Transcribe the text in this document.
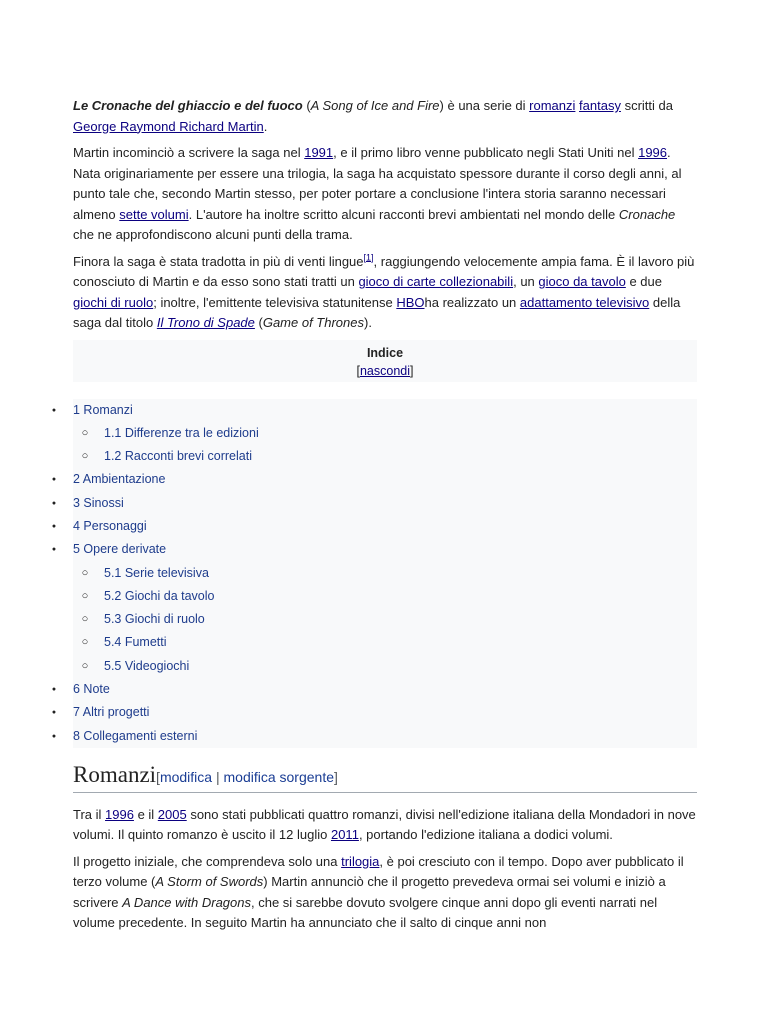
Le Cronache del ghiaccio e del fuoco (A Song of Ice and Fire) è una serie di romanzi fantasy scritti da George Raymond Richard Martin.

Martin incominciò a scrivere la saga nel 1991, e il primo libro venne pubblicato negli Stati Uniti nel 1996. Nata originariamente per essere una trilogia, la saga ha acquistato spessore durante il corso degli anni, al punto tale che, secondo Martin stesso, per poter portare a conclusione l'intera storia saranno necessari almeno sette volumi. L'autore ha inoltre scritto alcuni racconti brevi ambientati nel mondo delle Cronache che ne approfondiscono alcuni punti della trama.

Finora la saga è stata tradotta in più di venti lingue[1], raggiungendo velocemente ampia fama. È il lavoro più conosciuto di Martin e da esso sono stati tratti un gioco di carte collezionabili, un gioco da tavolo e due giochi di ruolo; inoltre, l'emittente televisiva statunitense HBOha realizzato un adattamento televisivo della saga dal titolo Il Trono di Spade (Game of Thrones).

Indice
[nascondi]
● 1 Romanzi
○ 1.1 Differenze tra le edizioni
○ 1.2 Racconti brevi correlati
● 2 Ambientazione
● 3 Sinossi
● 4 Personaggi
● 5 Opere derivate
○ 5.1 Serie televisiva
○ 5.2 Giochi da tavolo
○ 5.3 Giochi di ruolo
○ 5.4 Fumetti
○ 5.5 Videogiochi
● 6 Note
● 7 Altri progetti
● 8 Collegamenti esterni
Romanzi[modifica | modifica sorgente]

Tra il 1996 e il 2005 sono stati pubblicati quattro romanzi, divisi nell'edizione italiana della Mondadori in nove volumi. Il quinto romanzo è uscito il 12 luglio 2011, portando l'edizione italiana a dodici volumi.

Il progetto iniziale, che comprendeva solo una trilogia, è poi cresciuto con il tempo. Dopo aver pubblicato il terzo volume (A Storm of Swords) Martin annunciò che il progetto prevedeva ormai sei volumi e iniziò a scrivere A Dance with Dragons, che si sarebbe dovuto svolgere cinque anni dopo gli eventi narrati nel volume precedente. In seguito Martin ha annunciato che il salto di cinque anni non
